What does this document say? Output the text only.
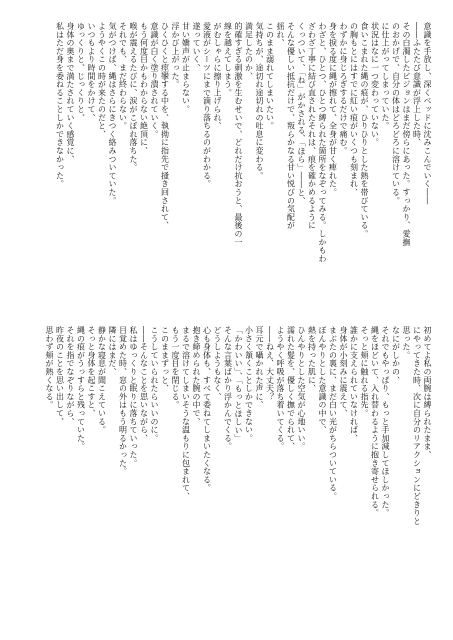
意識を手放し、深くベッドに沈みこんでいく――
――ふたたび意識が浮上した時、
その白濁したビジョンはまだ傍らにあった。すっかり、愛撫
のおかげで、自分の体はどろどろに溶けている。
に仕上がってしまっていた。
状況はなに一つ変わっていない。
食いこまれた縄の痕が、ひりひりとした熱を帯びている。
の胸もとにはすでに紅い痕がいくつも刻まれ、
わずかに身じろぎするだけで痛む。
身を捩る度に縄が擦れて、全身が甘く痺れた。
わざと、ひとつ、ひとつ縛られた箇所をなぞってみる。しかもわ
ざわざ丁寧に結び直されたそれは、痕を確かめるように
くっついて、「ね」がかされる、「ほら」――と、
そんな優しい抵抗だけで、叛らかなる甘い悦びの気配が
揺れ、
このまま溺れてしまいたい。
気持ちが、途切れ途切れの吐息に変わる。
満足したのか、
的確すぎる刺激を生むせいで、どれだけ抗おうと、最後の一
線を越えてしまう。
がむしゃらに擦り上げられ、
愛液がシーツにまで滴り落ちるのがわかる。
遂っていく、
甘い嬌声が止まらない。
浮かび上がった。
ひくひくと痙攣する中を、執拗に指先で掻き回されて、
意識が白く塗り潰されていく。
もう何度目かもわからない絶頂に、
喉が震えるたびに、涙がこぼれ落ちた。
それでも、まだ終わらない。
気がつけば、縄はさらにきつく絡みついていた。
ようやくこの時が来たのだと、
いつもより時間をかけて、
ゆっくりと、じっくりと、
身体の奥まで満たされていく感覚に、
私はただ身を委ねることしかできなかった。
初めてよ私の両腕は縛られたまま、
にやってきた時、次に自分のリアクションにどきりと
思った。
なにがしかの、
それでもやっぱり、もっと手加減してほしかった。
縄をほどいて、入れ替わるように抱き寄せられる。
そっと頬に触れる指先。
誰かに支えられていなければ、
身体が小刻みに震えて、
まぶたの裏に、まだ白い光がちらついている。
ぼんやりとした意識の中で、
熱を持った肌に、
ひんやりとした空気が心地いい。
濡れた髪を、優しく撫でられて、
ようやく呼吸が落ち着いてくる。
――ねえ、大丈夫？
耳元で囁かれた声に、
小さく頷くことしかできない。
「かわいい」、「もっとほしい」
そんな言葉ばかり浮かんでくる。
どうしようもなく、
心も身体も、すべて委ねてしまいたくなる。
抱き締められた腕の中で、
まるで溶けてしまいそうな温もりに包まれて、
もう一度目を閉じる。
このままずっと、
こうしていられたらいいのに。
――そんなことを思いながら、
私はゆっくりと眠りに落ちていった。
目覚めた時、窓の外はもう明るかった。
隣にはまだ、
静かな寝息が聞こえている。
そっと身体を起こすと、
縄の痕がうっすらと残っていた。
それを指でなぞりながら、
昨夜のことを思い出して、
思わず頬が熱くなる。
